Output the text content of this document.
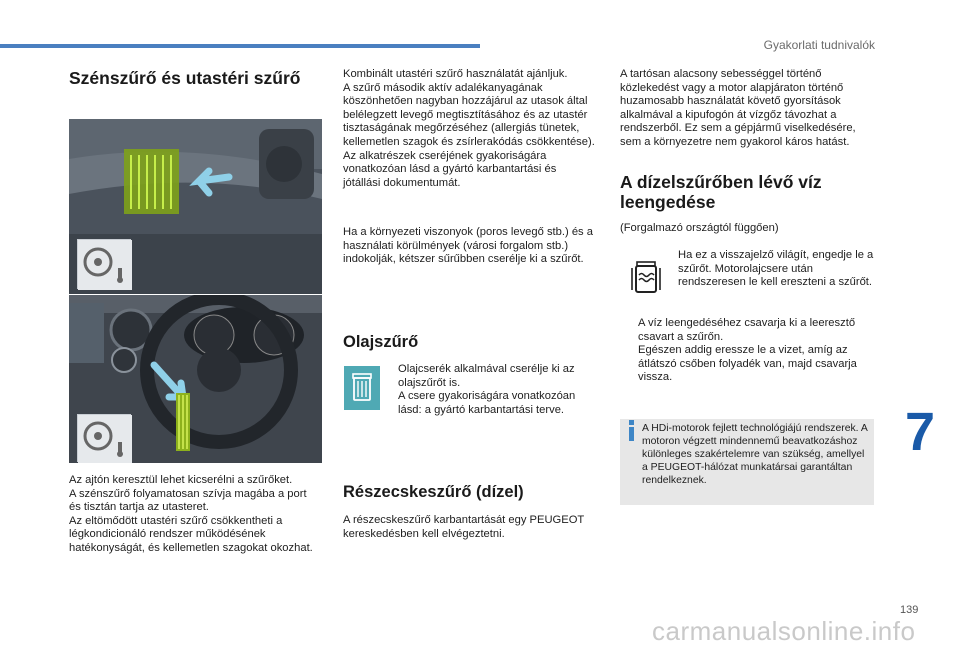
Gyakorlati tudnivalók
Szénszűrő és utastéri szűrő
Az ajtón keresztül lehet kicserélni a szűrőket.
A szénszűrő folyamatosan szívja magába a port és tisztán tartja az utasteret.
Az eltömődött utastéri szűrő csökkentheti a légkondicionáló rendszer működésének hatékonyságát, és kellemetlen szagokat okozhat.
Kombinált utastéri szűrő használatát ajánljuk.
A szűrő második aktív adalékanyagának köszönhetően nagyban hozzájárul az utasok által belélegzett levegő megtisztításához és az utastér tisztaságának megőrzéséhez (allergiás tünetek, kellemetlen szagok és zsírlerakódás csökkentése).
Az alkatrészek cseréjének gyakoriságára vonatkozóan lásd a gyártó karbantartási és jótállási dokumentumát.
Ha a környezeti viszonyok (poros levegő stb.) és a használati körülmények (városi forgalom stb.) indokolják, kétszer sűrűbben cserélje ki a szűrőt.
Olajszűrő
Olajcserék alkalmával cserélje ki az olajszűrőt is.
A csere gyakoriságára vonatkozóan lásd: a gyártó karbantartási terve.
Részecskeszűrő (dízel)
A részecskeszűrő karbantartását egy PEUGEOT kereskedésben kell elvégeztetni.
A tartósan alacsony sebességgel történő közlekedést vagy a motor alapjáraton történő huzamosabb használatát követő gyorsítások alkalmával a kipufogón át vízgőz távozhat a rendszerből. Ez sem a gépjármű viselkedésére, sem a környezetre nem gyakorol káros hatást.
A dízelszűrőben lévő víz
leengedése
(Forgalmazó országtól függően)
Ha ez a visszajelző világít, engedje le a szűrőt. Motorolajcsere után rendszeresen le kell ereszteni a szűrőt.
A víz leengedéséhez csavarja ki a leeresztő csavart a szűrőn.
Egészen addig eressze le a vizet, amíg az átlátszó csőben folyadék van, majd csavarja vissza.
A HDi-motorok fejlett technológiájú rendszerek. A motoron végzett mindennemű beavatkozáshoz különleges szakértelemre van szükség, amellyel a PEUGEOT-hálózat munkatársai garantáltan rendelkeznek.
7
139
carmanualsonline.info
